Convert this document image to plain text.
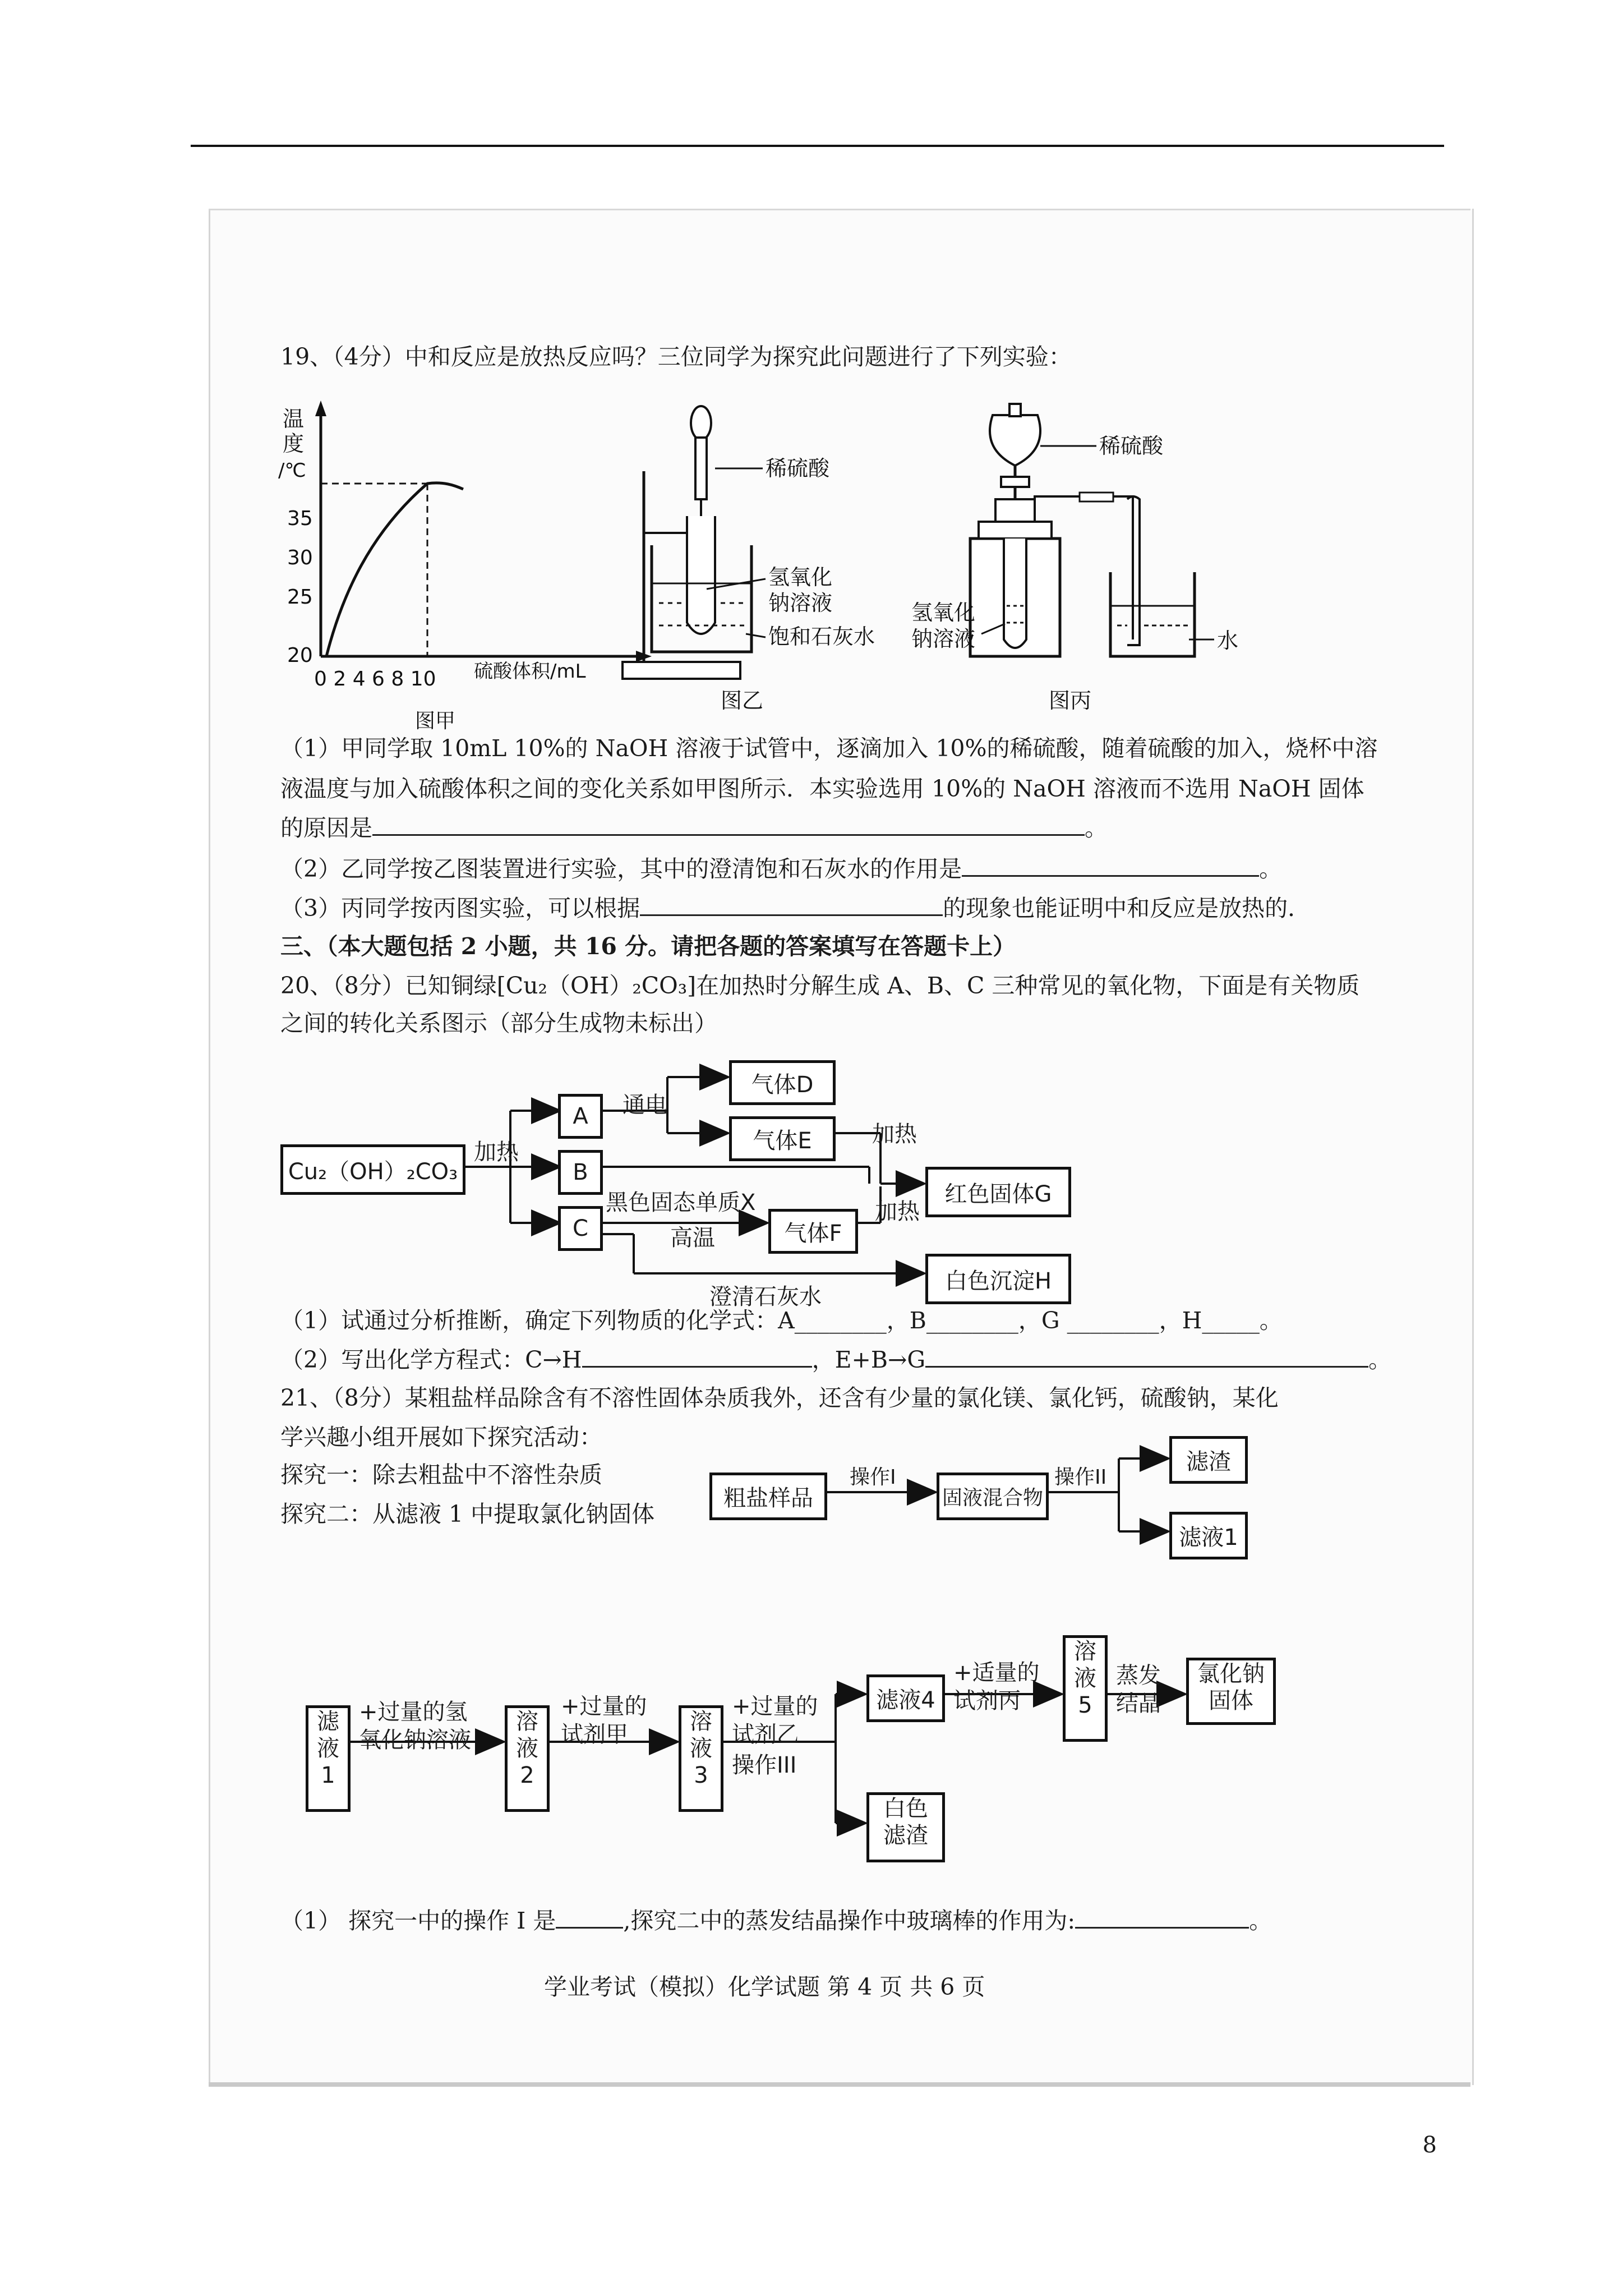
19、（4分）中和反应是放热反应吗？三位同学为探究此问题进行了下列实验：
温
度
/℃
35
30
25
20
0 2 4 6 8 10 硫酸体积/mL
图甲
稀硫酸
氢氧化
钠溶液
饱和石灰水
图乙
稀硫酸
水
氢氧化
钠溶液
图丙
（1）甲同学取 10mL 10%的 NaOH 溶液于试管中，逐滴加入 10%的稀硫酸，随着硫酸的加入，烧杯中溶
液温度与加入硫酸体积之间的变化关系如甲图所示．本实验选用 10%的 NaOH 溶液而不选用 NaOH 固体
的原因是	。
（2）乙同学按乙图装置进行实验，其中的澄清饱和石灰水的作用是	。
（3）丙同学按丙图实验，可以根据	的现象也能证明中和反应是放热的．
三、（本大题包括 2 小题，共 16 分。请把各题的答案填写在答题卡上）
20、（8分）已知铜绿[Cu₂（OH）₂CO₃]在加热时分解生成 A、B、C 三种常见的氧化物，下面是有关物质
之间的转化关系图示（部分生成物未标出）
Cu₂（OH）₂CO₃
加热
A
B
C
通电
气体D
气体E	加热
红色固体G
黑色固态单质X
高温	气体F
加热
白色沉淀H
澄清石灰水
（1）试通过分析推断，确定下列物质的化学式：A________，B________，G ________，H_____。
（2）写出化学方程式：C→H	，E+B→G	。
21、（8分）某粗盐样品除含有不溶性固体杂质我外，还含有少量的氯化镁、氯化钙，硫酸钠，某化
学兴趣小组开展如下探究活动：
探究一：除去粗盐中不溶性杂质
探究二：从滤液 1 中提取氯化钠固体
粗盐样品
操作I
固液混合物
操作II
滤渣
滤液1
滤
液
1
+过量的氢
氧化钠溶液
溶
液
2
+过量的
试剂甲	溶
液
3
+过量的
试剂乙
操作III
滤液4
+适量的
试剂丙
溶
液
5
蒸发
结晶
氯化钠
固体
白色
滤渣
（1） 探究一中的操作 I 是	,探究二中的蒸发结晶操作中玻璃棒的作用为:	。
学业考试（模拟）化学试题 第 4 页 共 6 页
8
